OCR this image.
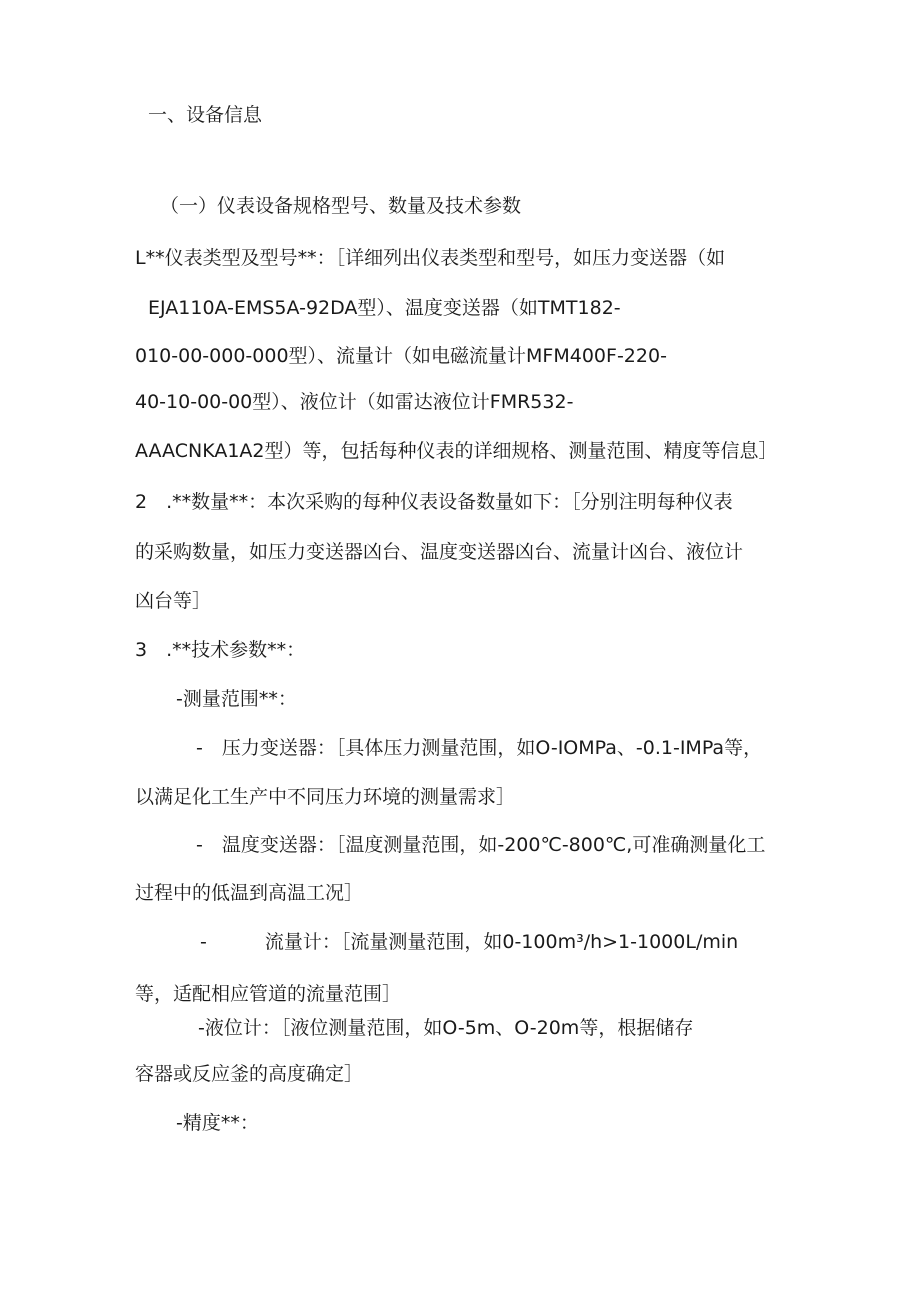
一、设备信息
（一）仪表设备规格型号、数量及技术参数
L**仪表类型及型号**：［详细列出仪表类型和型号，如压力变送器（如
EJA110A-EMS5A-92DA型）、温度变送器（如TMT182-
010-00-000-000型）、流量计（如电磁流量计MFM400F-220-
40-10-00-00型）、液位计（如雷达液位计FMR532-
AAACNKA1A2型）等，包括每种仪表的详细规格、测量范围、精度等信息］
2　.**数量**：本次采购的每种仪表设备数量如下：［分别注明每种仪表
的采购数量，如压力变送器凶台、温度变送器凶台、流量计凶台、液位计
凶台等］
3　.**技术参数**：
-测量范围**：
-　压力变送器：［具体压力测量范围，如O-IOMPa、-0.1-IMPa等，
以满足化工生产中不同压力环境的测量需求］
-　温度变送器：［温度测量范围，如-200℃-800℃,可准确测量化工
过程中的低温到高温工况］
-	流量计：［流量测量范围，如0-100m³/h>1-1000L/min
等，适配相应管道的流量范围］
-液位计：［液位测量范围，如O-5m、O-20m等，根据储存
容器或反应釜的高度确定］
-精度**：
